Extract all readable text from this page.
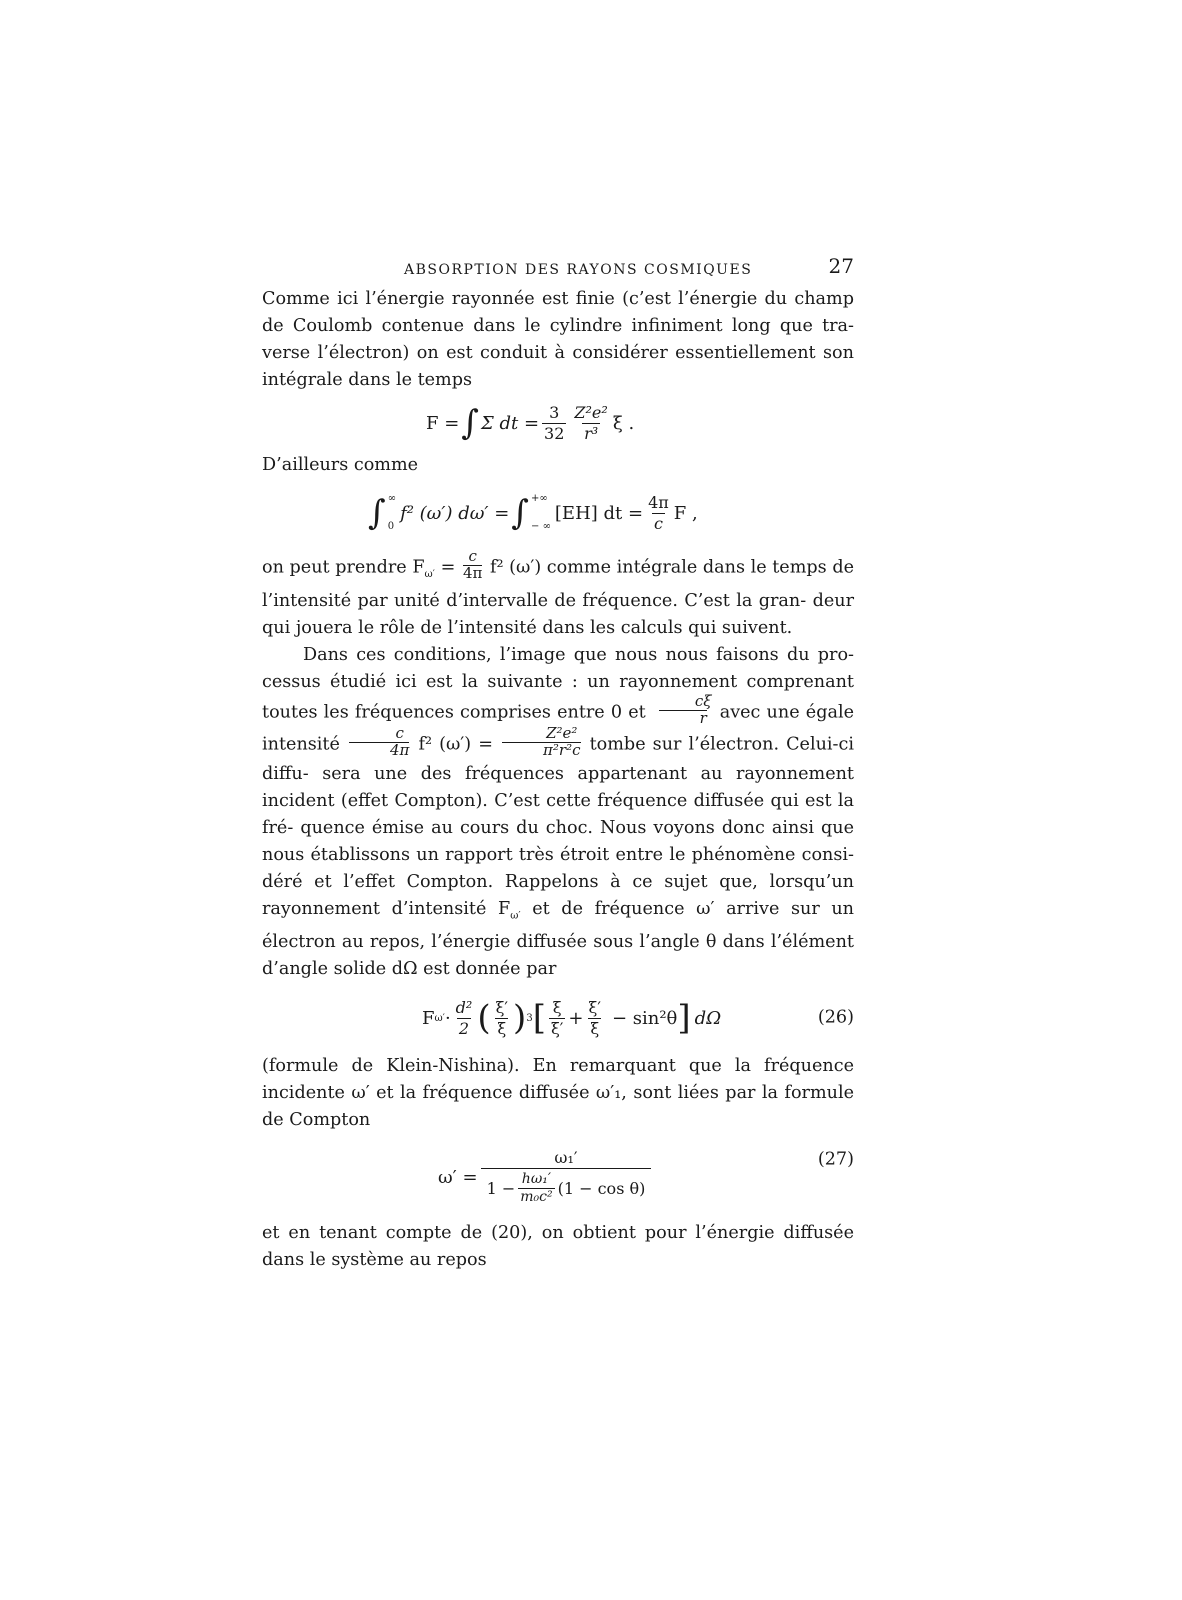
ABSORPTION DES RAYONS COSMIQUES	27

Comme ici l’énergie rayonnée est finie (c’est l’énergie du champ de Coulomb contenue dans le cylindre infiniment long que tra- verse l’électron) on est conduit à considérer essentiellement son intégrale dans le temps

F = ∫ Σ dt = $\frac{3}{32} \frac{\text{Z²e²}}{\text{r³}}$ ξ .

D’ailleurs comme

∫ ∞
0
f² (ω′) dω′ = ∫ +∞
− ∞
[EH] dt = $\frac{4\pi}{c}$ F ,

on peut prendre $F_{\omega'} = \frac{c}{4\pi} f^2$ (ω′) comme intégrale dans le temps de l’intensité par unité d’intervalle de fréquence. C’est la gran- deur qui jouera le rôle de l’intensité dans les calculs qui suivent.

Dans ces conditions, l’image que nous nous faisons du pro- cessus étudié ici est la suivante : un rayonnement comprenant toutes les fréquences comprises entre 0 et $\frac{c\xi}{r}$ avec une égale intensité $\frac{c}{4\pi} f^2$ $(\omega') = \frac{\text{Z²e²}}{\text{π²r²c}}$ tombe sur l’électron. Celui-ci diffu- sera une des fréquences appartenant au rayonnement incident (effet Compton). C’est cette fréquence diffusée qui est la fré- quence émise au cours du choc. Nous voyons donc ainsi que nous établissons un rapport très étroit entre le phénomène consi- déré et l’effet Compton. Rappelons à ce sujet que, lorsqu’un rayonnement d’intensité $F_{\omega'}$ et de fréquence ω′ arrive sur un électron au repos, l’énergie diffusée sous l’angle θ dans l’élément d’angle solide dΩ est donnée par

F $\omega' \cdot \frac{\text{d²}}{2}$ ( $\frac{\xi'}{\xi}$ ) 3 [ $\frac{\xi}{\xi'} + \frac{\xi'}{\xi} - \sin^2\theta$ ] dΩ	(26)

(formule de Klein-Nishina). En remarquant que la fréquence incidente ω′ et la fréquence diffusée ω′₁, sont liées par la formule de Compton

ω′ =
ω₁′
$1 - \frac{\text{hω₁′}}{\text{m₀c²}} (1 - \cos \theta)$
(27)

et en tenant compte de (20), on obtient pour l’énergie diffusée dans le système au repos
